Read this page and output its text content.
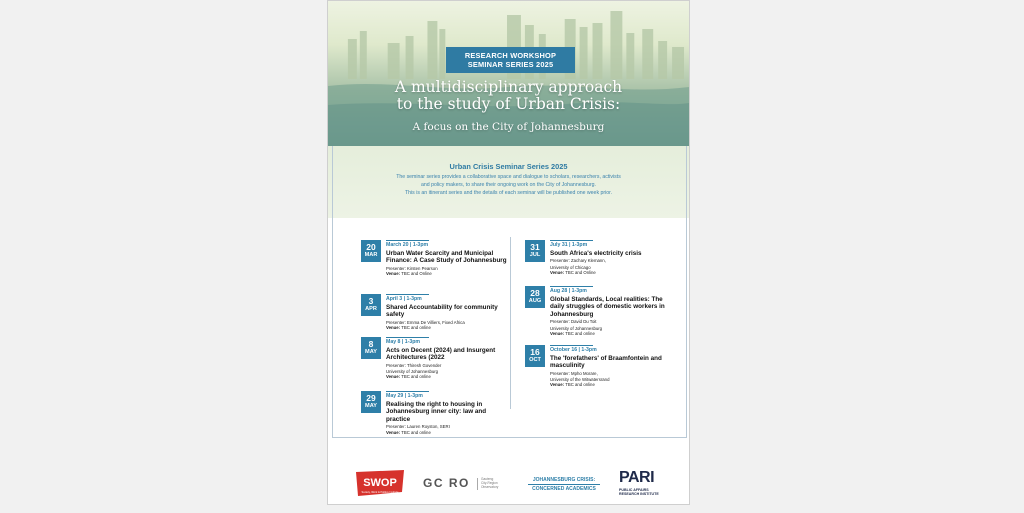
RESEARCH WORKSHOP
SEMINAR SERIES 2025
A multidisciplinary approach
to the study of Urban Crisis:
A focus on the City of Johannesburg
Urban Crisis Seminar Series 2025
The seminar series provides a collaborative space and dialogue to scholars, researchers, activists
and policy makers, to share their ongoing work on the City of Johannesburg.
This is an itinerant series and the details of each seminar will be published one week prior.
20
MAR
March 20 | 1-3pm
Urban Water Scarcity and Municipal Finance: A Case Study of Johannesburg
Presenter: Kirsten Pearson
Venue: TBC and Online
3
APR
April 3 | 1-3pm
Shared Accountability for community safety
Presenter: Emma De Villiers, Fixed Africa
Venue: TBC and online
8
MAY
May 8 | 1-3pm
Acts on Decent (2024) and Insurgent Architectures (2022
Presenter: Thiresh Govender
University of Johannesburg
Venue: TBC and online
29
MAY
May 29 | 1-3pm
Realising the right to housing in Johannesburg inner city: law and practice
Presenter: Lauren Royston, SERI
Venue: TBC and online
31
JUL
July 31 | 1-3pm
South Africa's electricity crisis
Presenter: Zachary Klemann,
University of Chicago
Venue: TBC and Online
28
AUG
Aug 28 | 1-3pm
Global Standards, Local realities: The daily struggles of domestic workers in Johannesburg
Presenter: David Du Toit
University of Johannesburg
Venue: TBC and online
16
OCT
October 16 | 1-3pm
The 'forefathers' of Braamfontein and masculinity
Presenter: Mpho Morare,
University of the Witwatersrand
Venue: TBC and online
SWOP
Society, Work & Politics Institute
GC RO	Gauteng
City-Region
Observatory
JOHANNESBURG CRISIS:
CONCERNED ACADEMICS
PARI
PUBLIC AFFAIRS
RESEARCH INSTITUTE
